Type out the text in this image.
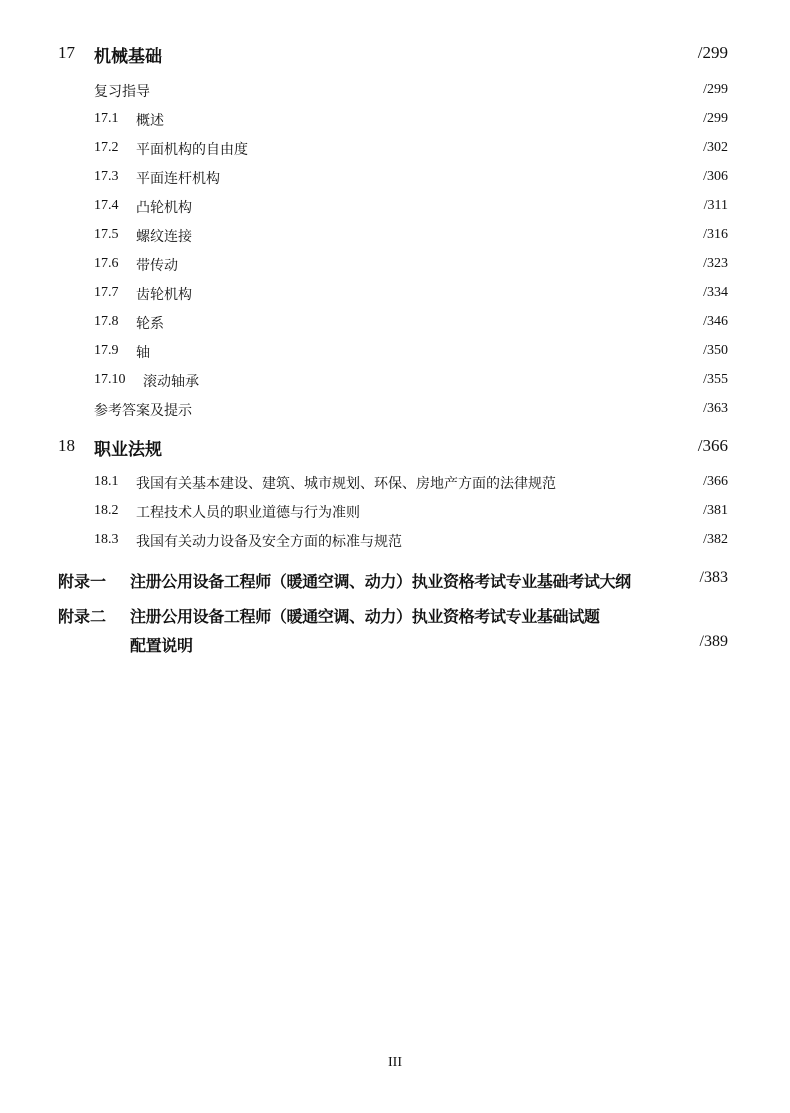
17 机械基础	/299
复习指导	/299
17.1 概述	/299
17.2 平面机构的自由度	/302
17.3 平面连杆机构	/306
17.4 凸轮机构	/311
17.5 螺纹连接	/316
17.6 带传动	/323
17.7 齿轮机构	/334
17.8 轮系	/346
17.9 轴	/350
17.10 滚动轴承	/355
参考答案及提示	/363
18 职业法规	/366
18.1 我国有关基本建设、建筑、城市规划、环保、房地产方面的法律规范	/366
18.2 工程技术人员的职业道德与行为准则	/381
18.3 我国有关动力设备及安全方面的标准与规范	/382
附录一 注册公用设备工程师（暖通空调、动力）执业资格考试专业基础考试大纲	/383
附录二 注册公用设备工程师（暖通空调、动力）执业资格考试专业基础试题
配置说明	/389
III
